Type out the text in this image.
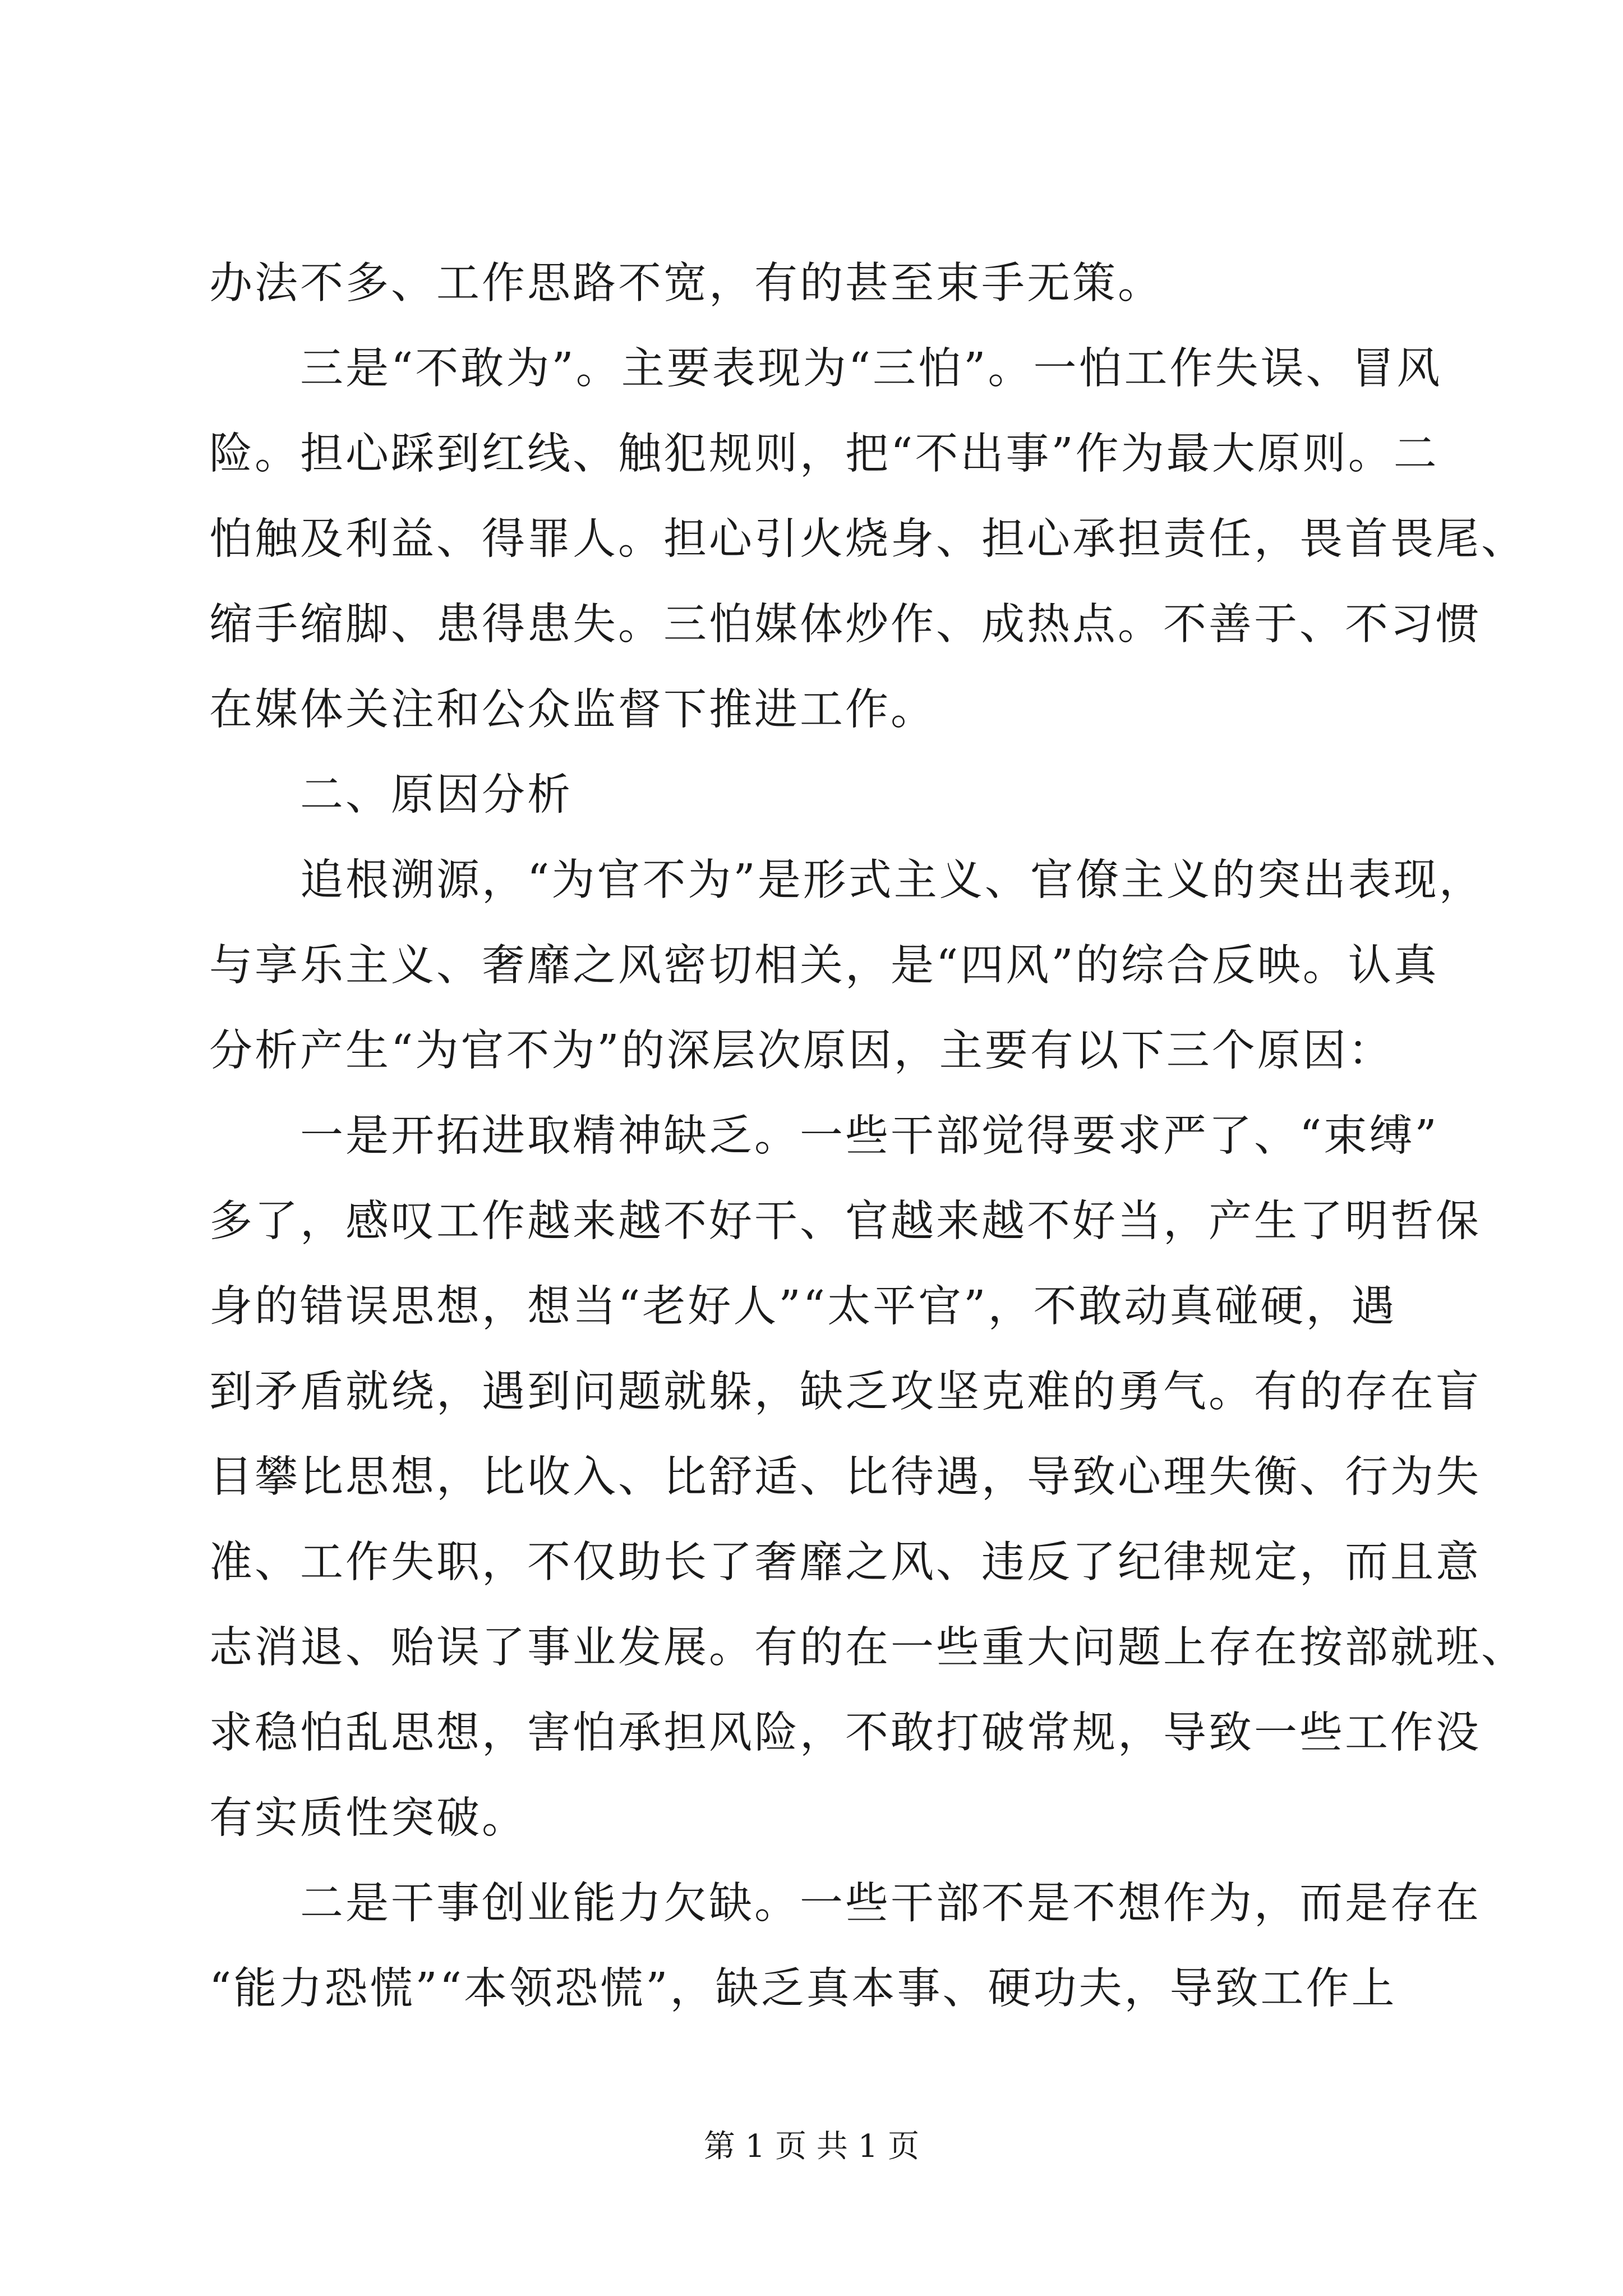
办法不多、工作思路不宽，有的甚至束手无策。
　　三是“不敢为”。主要表现为“三怕”。一怕工作失误、冒风
险。担心踩到红线、触犯规则，把“不出事”作为最大原则。二
怕触及利益、得罪人。担心引火烧身、担心承担责任，畏首畏尾、
缩手缩脚、患得患失。三怕媒体炒作、成热点。不善于、不习惯
在媒体关注和公众监督下推进工作。
　　二、原因分析
　　追根溯源，“为官不为”是形式主义、官僚主义的突出表现，
与享乐主义、奢靡之风密切相关，是“四风”的综合反映。认真
分析产生“为官不为”的深层次原因，主要有以下三个原因：
　　一是开拓进取精神缺乏。一些干部觉得要求严了、“束缚”
多了，感叹工作越来越不好干、官越来越不好当，产生了明哲保
身的错误思想，想当“老好人”“太平官”，不敢动真碰硬，遇
到矛盾就绕，遇到问题就躲，缺乏攻坚克难的勇气。有的存在盲
目攀比思想，比收入、比舒适、比待遇，导致心理失衡、行为失
准、工作失职，不仅助长了奢靡之风、违反了纪律规定，而且意
志消退、贻误了事业发展。有的在一些重大问题上存在按部就班、
求稳怕乱思想，害怕承担风险，不敢打破常规，导致一些工作没
有实质性突破。
　　二是干事创业能力欠缺。一些干部不是不想作为，而是存在
“能力恐慌”“本领恐慌”，缺乏真本事、硬功夫，导致工作上
第 1 页 共 1 页
